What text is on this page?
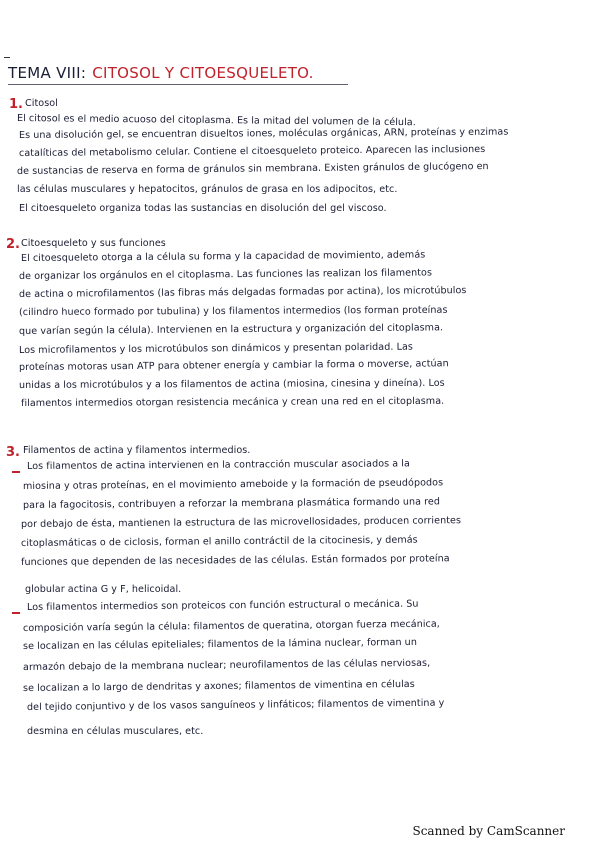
TEMA VIII: CITOSOL Y CITOESQUELETO.
1. Citosol
El citosol es el medio acuoso del citoplasma. Es la mitad del volumen de la célula.
Es una disolución gel, se encuentran disueltos iones, moléculas orgánicas, ARN, proteínas y enzimas
catalíticas del metabolismo celular. Contiene el citoesqueleto proteico. Aparecen las inclusiones
de sustancias de reserva en forma de gránulos sin membrana. Existen gránulos de glucógeno en
las células musculares y hepatocitos, gránulos de grasa en los adipocitos, etc.
El citoesqueleto organiza todas las sustancias en disolución del gel viscoso.
2. Citoesqueleto y sus funciones
El citoesqueleto otorga a la célula su forma y la capacidad de movimiento, además
de organizar los orgánulos en el citoplasma. Las funciones las realizan los filamentos
de actina o microfilamentos (las fibras más delgadas formadas por actina), los microtúbulos
(cilindro hueco formado por tubulina) y los filamentos intermedios (los forman proteínas
que varían según la célula). Intervienen en la estructura y organización del citoplasma.
Los microfilamentos y los microtúbulos son dinámicos y presentan polaridad. Las
proteínas motoras usan ATP para obtener energía y cambiar la forma o moverse, actúan
unidas a los microtúbulos y a los filamentos de actina (miosina, cinesina y dineína). Los
filamentos intermedios otorgan resistencia mecánica y crean una red en el citoplasma.
3. Filamentos de actina y filamentos intermedios.
Los filamentos de actina intervienen en la contracción muscular asociados a la
miosina y otras proteínas, en el movimiento ameboide y la formación de pseudópodos
para la fagocitosis, contribuyen a reforzar la membrana plasmática formando una red
por debajo de ésta, mantienen la estructura de las microvellosidades, producen corrientes
citoplasmáticas o de ciclosis, forman el anillo contráctil de la citocinesis, y demás
funciones que dependen de las necesidades de las células. Están formados por proteína
globular actina G y F, helicoidal.
Los filamentos intermedios son proteicos con función estructural o mecánica. Su
composición varía según la célula: filamentos de queratina, otorgan fuerza mecánica,
se localizan en las células epiteliales; filamentos de la lámina nuclear, forman un
armazón debajo de la membrana nuclear; neurofilamentos de las células nerviosas,
se localizan a lo largo de dendritas y axones; filamentos de vimentina en células
del tejido conjuntivo y de los vasos sanguíneos y linfáticos; filamentos de vimentina y
desmina en células musculares, etc.
Scanned by CamScanner
